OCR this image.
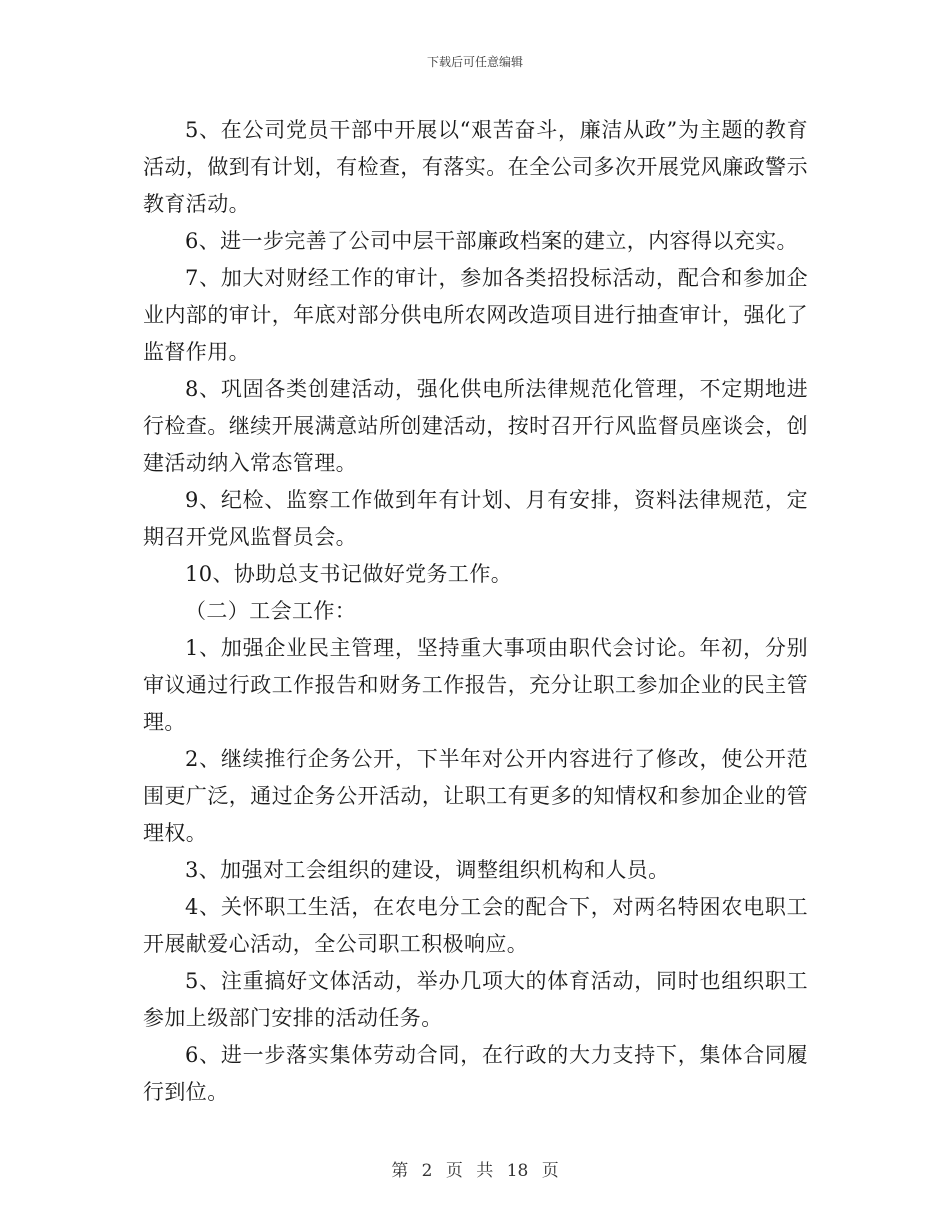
下载后可任意编辑

5、在公司党员干部中开展以“艰苦奋斗，廉洁从政”为主题的教育活动，做到有计划，有检查，有落实。在全公司多次开展党风廉政警示教育活动。

6、进一步完善了公司中层干部廉政档案的建立，内容得以充实。

7、加大对财经工作的审计，参加各类招投标活动，配合和参加企业内部的审计，年底对部分供电所农网改造项目进行抽查审计，强化了监督作用。

8、巩固各类创建活动，强化供电所法律规范化管理，不定期地进行检查。继续开展满意站所创建活动，按时召开行风监督员座谈会，创建活动纳入常态管理。

9、纪检、监察工作做到年有计划、月有安排，资料法律规范，定期召开党风监督员会。

10、协助总支书记做好党务工作。

（二）工会工作：

1、加强企业民主管理，坚持重大事项由职代会讨论。年初，分别审议通过行政工作报告和财务工作报告，充分让职工参加企业的民主管理。

2、继续推行企务公开，下半年对公开内容进行了修改，使公开范围更广泛，通过企务公开活动，让职工有更多的知情权和参加企业的管理权。

3、加强对工会组织的建设，调整组织机构和人员。

4、关怀职工生活，在农电分工会的配合下，对两名特困农电职工开展献爱心活动，全公司职工积极响应。

5、注重搞好文体活动，举办几项大的体育活动，同时也组织职工参加上级部门安排的活动任务。

6、进一步落实集体劳动合同，在行政的大力支持下，集体合同履行到位。

第 2 页 共 18 页
